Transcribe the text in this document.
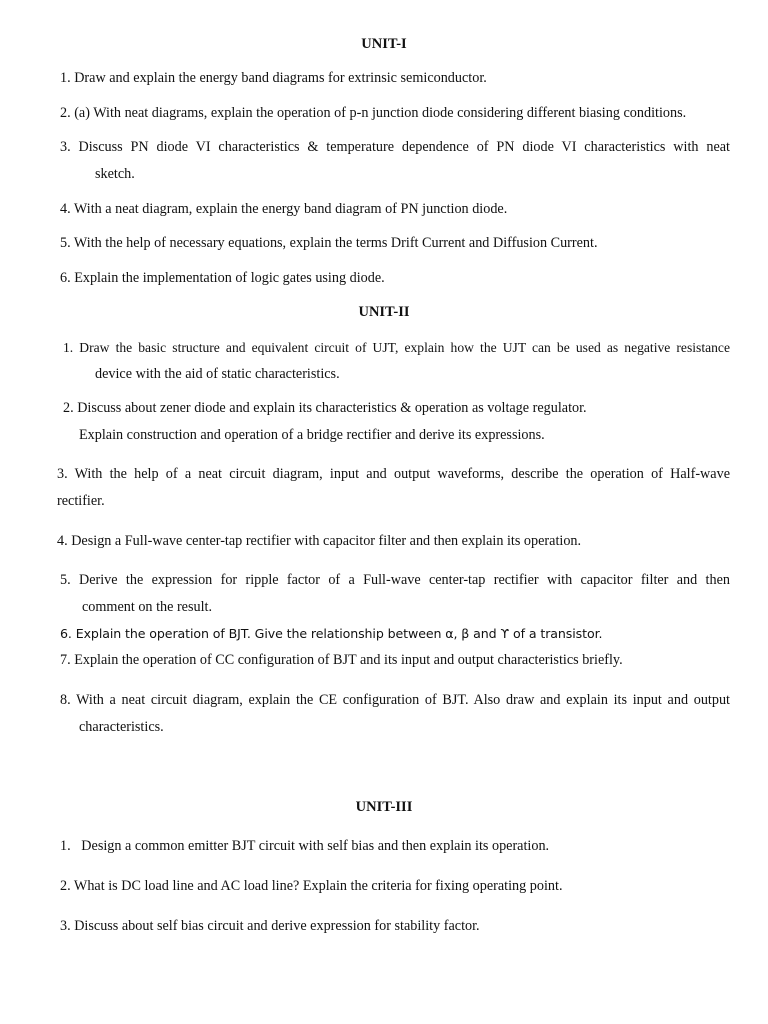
UNIT-I
1. Draw and explain the energy band diagrams for extrinsic semiconductor.
2. (a) With neat diagrams, explain the operation of p-n junction diode considering different biasing conditions.
3. Discuss PN diode VI characteristics & temperature dependence of PN diode VI characteristics with neat
sketch.
4. With a neat diagram, explain the energy band diagram of PN junction diode.
5. With the help of necessary equations, explain the terms Drift Current and Diffusion Current.
6. Explain the implementation of logic gates using diode.
UNIT-II
1. Draw the basic structure and equivalent circuit of UJT, explain how the UJT can be used as negative resistance
device with the aid of static characteristics.
2. Discuss about zener diode and explain its characteristics & operation as voltage regulator.
Explain construction and operation of a bridge rectifier and derive its expressions.
3. With the help of a neat circuit diagram, input and output waveforms, describe the operation of Half-wave
rectifier.
4. Design a Full-wave center-tap rectifier with capacitor filter and then explain its operation.
5. Derive the expression for ripple factor of a Full-wave center-tap rectifier with capacitor filter and then
comment on the result.
6. Explain the operation of BJT. Give the relationship between α, β and ϒ of a transistor.
7. Explain the operation of CC configuration of BJT and its input and output characteristics briefly.
8. With a neat circuit diagram, explain the CE configuration of BJT. Also draw and explain its input and output
characteristics.
UNIT-III
1.   Design a common emitter BJT circuit with self bias and then explain its operation.
2. What is DC load line and AC load line? Explain the criteria for fixing operating point.
3. Discuss about self bias circuit and derive expression for stability factor.
